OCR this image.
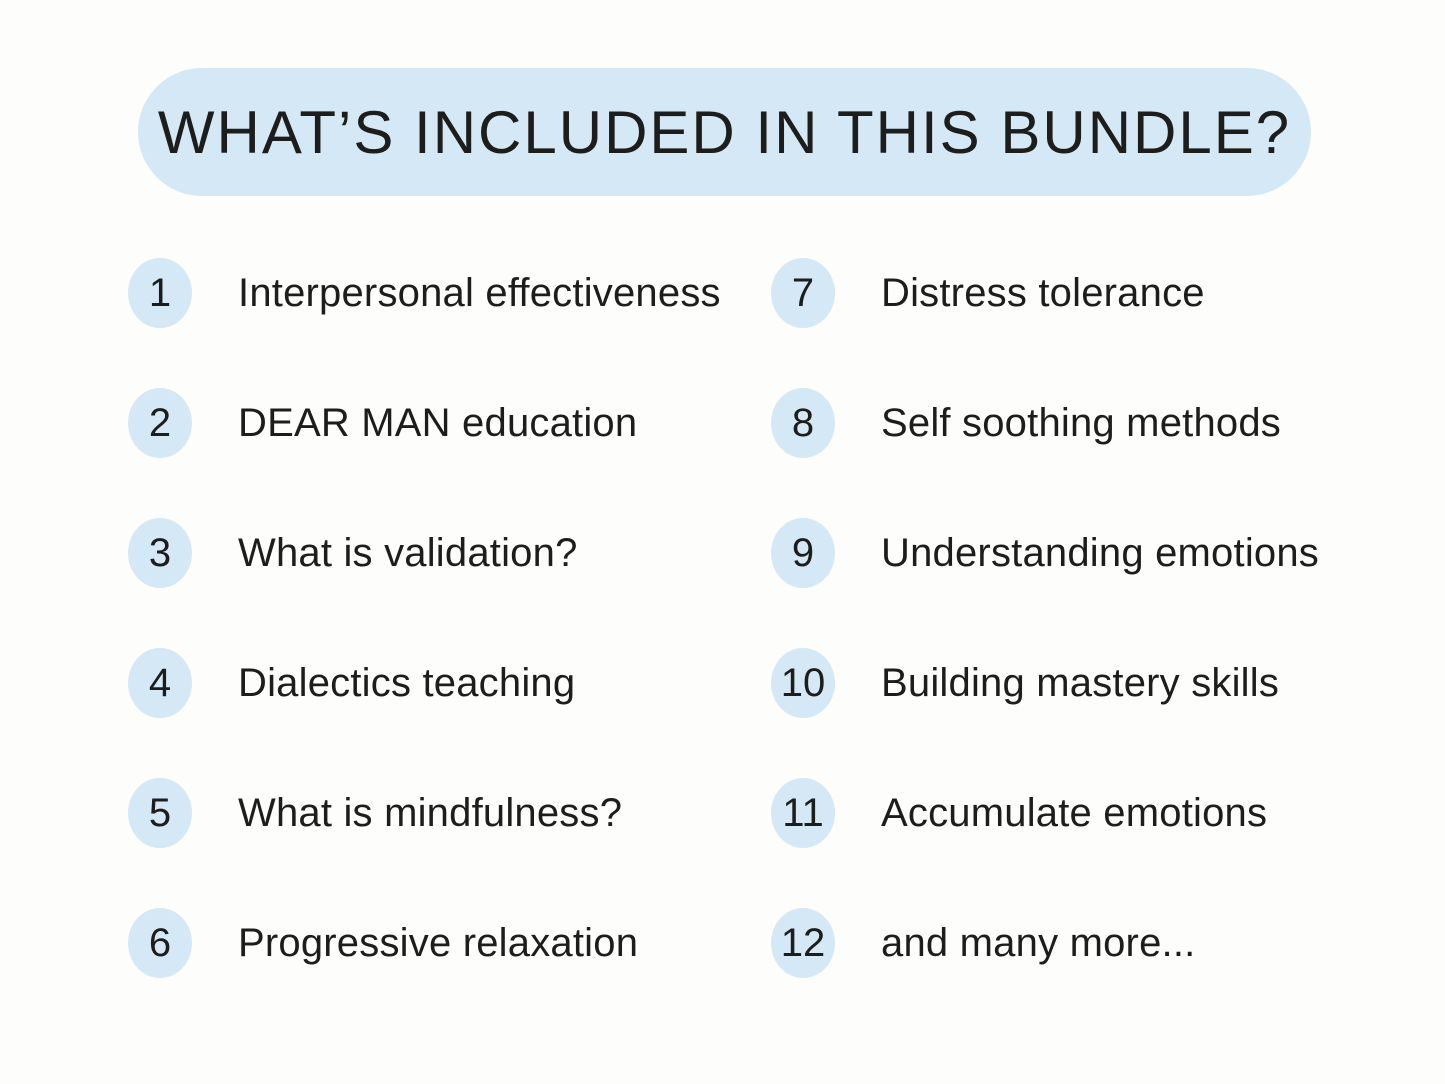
WHAT’S INCLUDED IN THIS BUNDLE?
1	Interpersonal effectiveness
2	DEAR MAN education
3	What is validation?
4	Dialectics teaching
5	What is mindfulness?
6	Progressive relaxation
7	Distress tolerance
8	Self soothing methods
9	Understanding emotions
10 Building mastery skills
11 Accumulate emotions
12 and many more...
